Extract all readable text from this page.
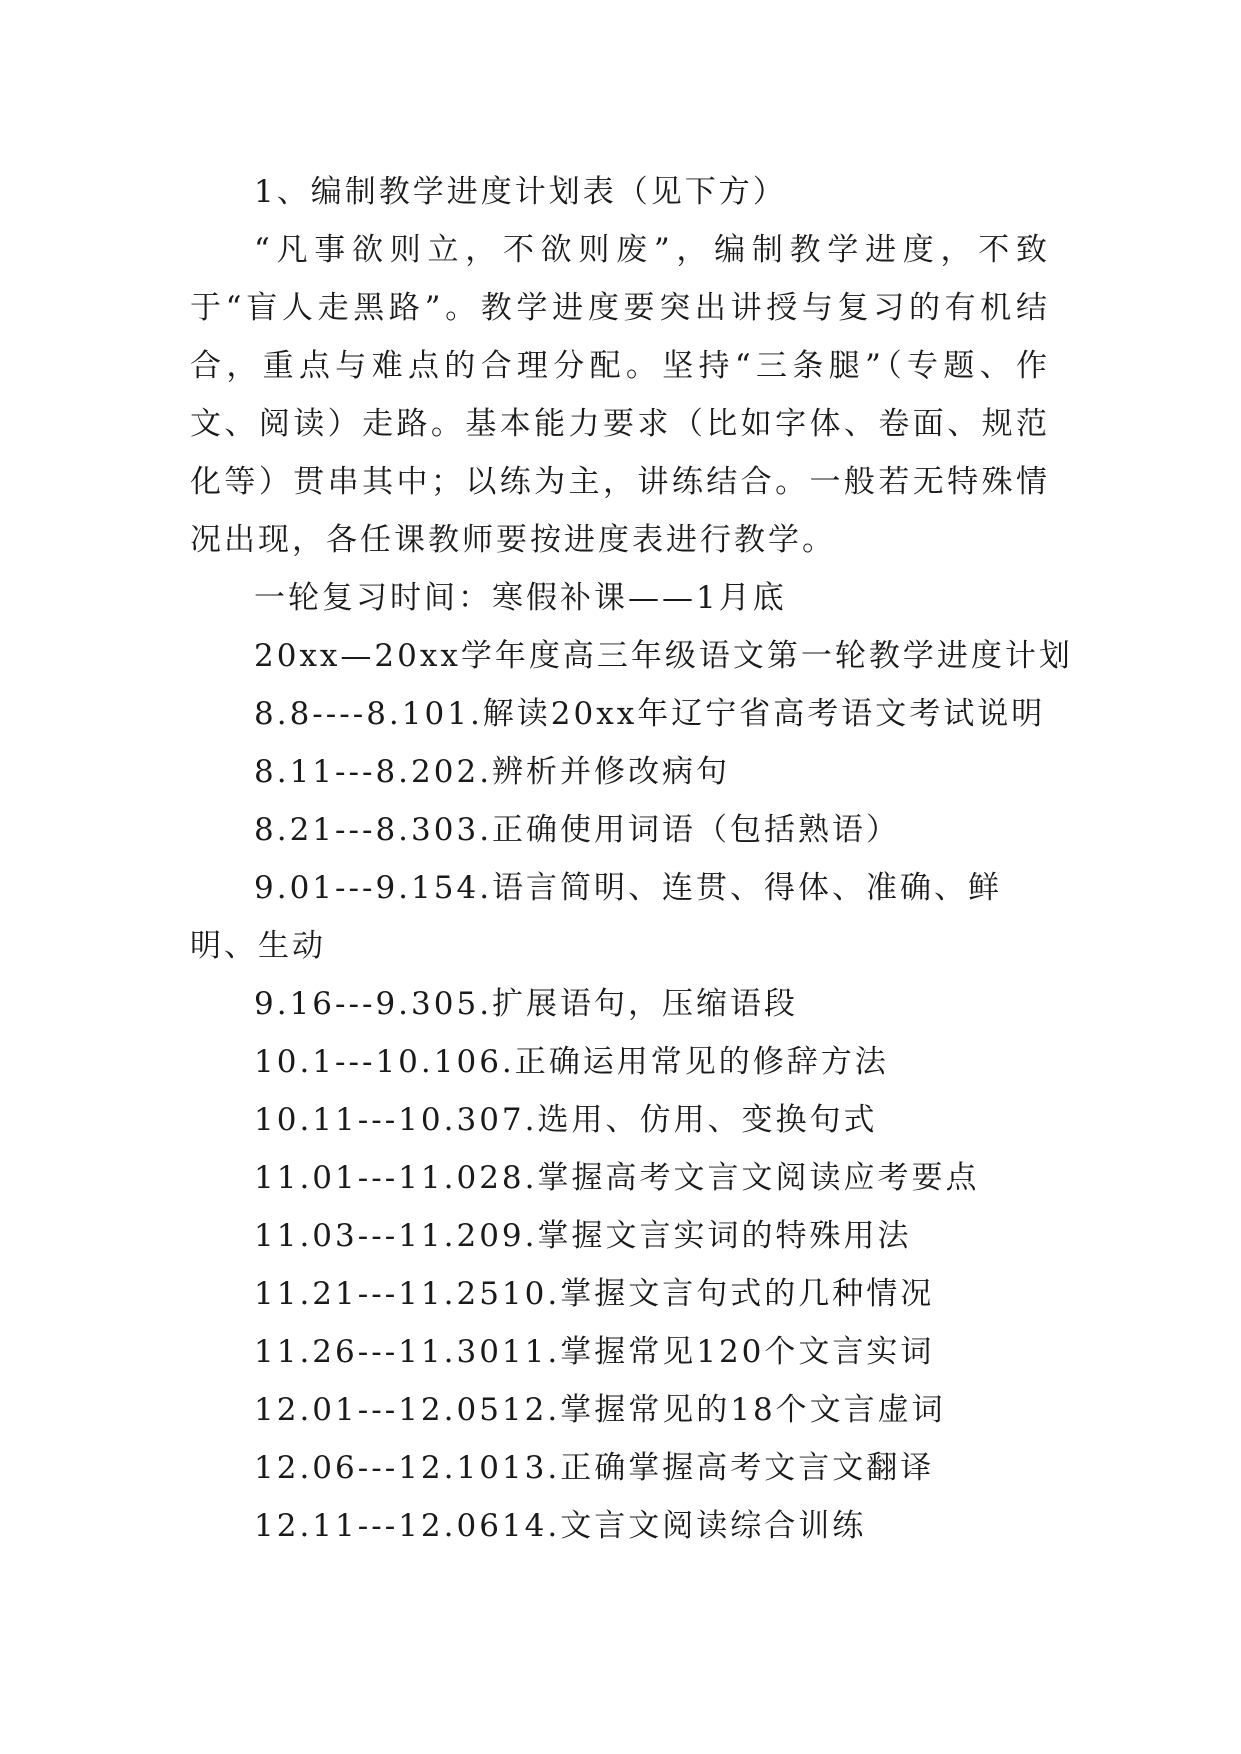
1、编制教学进度计划表（见下方）

“凡事欲则立，不欲则废”，编制教学进度，不致于“盲人走黑路”。教学进度要突出讲授与复习的有机结合，重点与难点的合理分配。坚持“三条腿”（专题、作文、阅读）走路。基本能力要求（比如字体、卷面、规范化等）贯串其中；以练为主，讲练结合。一般若无特殊情况出现，各任课教师要按进度表进行教学。

一轮复习时间：寒假补课——1月底

20xx—20xx学年度高三年级语文第一轮教学进度计划

8.8----8.101.解读20xx年辽宁省高考语文考试说明
8.11---8.202.辨析并修改病句
8.21---8.303.正确使用词语（包括熟语）
9.01---9.154.语言简明、连贯、得体、准确、鲜明、生动
9.16---9.305.扩展语句，压缩语段
10.1---10.106.正确运用常见的修辞方法
10.11---10.307.选用、仿用、变换句式
11.01---11.028.掌握高考文言文阅读应考要点
11.03---11.209.掌握文言实词的特殊用法
11.21---11.2510.掌握文言句式的几种情况
11.26---11.3011.掌握常见120个文言实词
12.01---12.0512.掌握常见的18个文言虚词
12.06---12.1013.正确掌握高考文言文翻译
12.11---12.0614.文言文阅读综合训练
